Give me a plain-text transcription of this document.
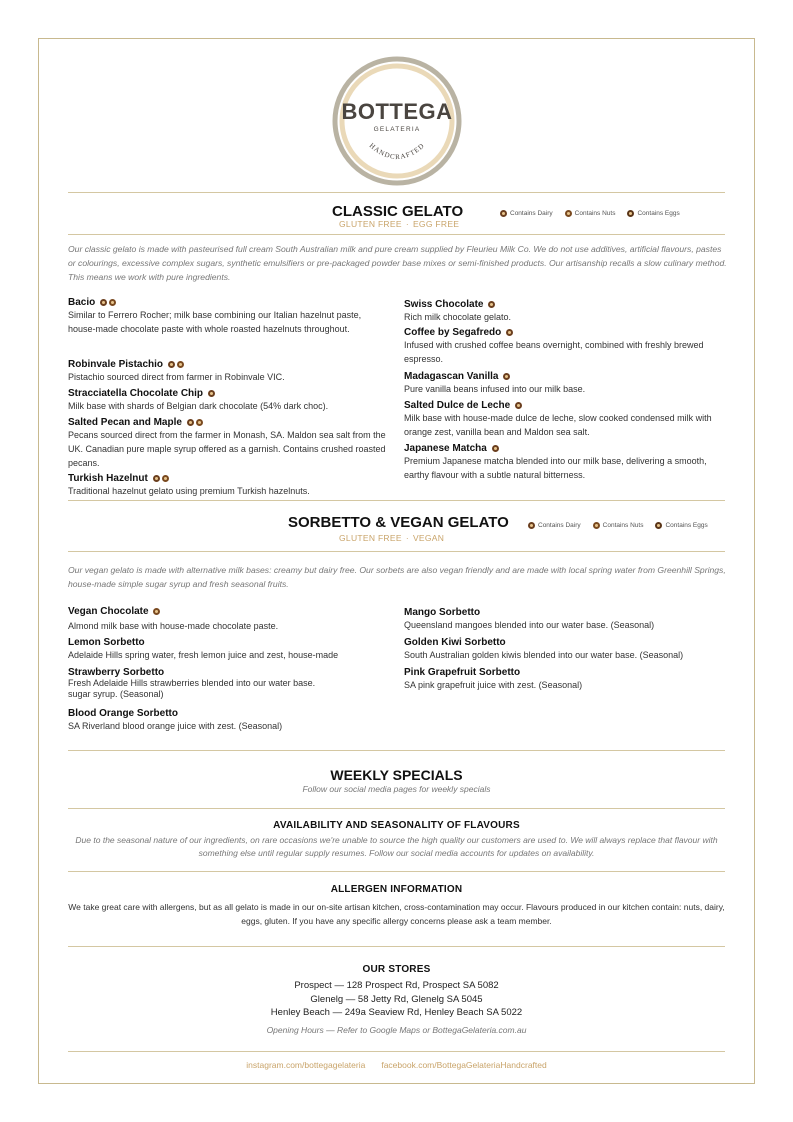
BOTTEGA
GELATERIA
HANDCRAFTED
CLASSIC GELATO
GLUTEN FREE · EGG FREE
Contains Dairy	Contains Nuts	Contains Eggs
Our classic gelato is made with pasteurised full cream South Australian milk and pure cream supplied by Fleurieu Milk Co. We do not use additives, artificial flavours, pastes or colourings, excessive complex sugars, synthetic emulsifiers or pre-packaged powder base mixes or semi-finished products. Our artisanship recalls a slow culinary method. This means we work with pure ingredients.
Bacio
Similar to Ferrero Rocher; milk base combining our Italian hazelnut paste, house-made chocolate paste with whole roasted hazelnuts throughout.
Robinvale Pistachio
Pistachio sourced direct from farmer in Robinvale VIC.
Stracciatella Chocolate Chip
Milk base with shards of Belgian dark chocolate (54% dark choc).
Salted Pecan and Maple
Pecans sourced direct from the farmer in Monash, SA. Maldon sea salt from the UK. Canadian pure maple syrup offered as a garnish. Contains crushed roasted pecans.
Turkish Hazelnut
Traditional hazelnut gelato using premium Turkish hazelnuts.
Swiss Chocolate
Rich milk chocolate gelato.
Coffee by Segafredo
Infused with crushed coffee beans overnight, combined with freshly brewed espresso.
Madagascan Vanilla
Pure vanilla beans infused into our milk base.
Salted Dulce de Leche
Milk base with house-made dulce de leche, slow cooked condensed milk with orange zest, vanilla bean and Maldon sea salt.
Japanese Matcha
Premium Japanese matcha blended into our milk base, delivering a smooth, earthy flavour with a subtle natural bitterness.
SORBETTO & VEGAN GELATO
GLUTEN FREE · VEGAN
Contains Dairy	Contains Nuts	Contains Eggs
Our vegan gelato is made with alternative milk bases: creamy but dairy free. Our sorbets are also vegan friendly and are made with local spring water from Greenhill Springs, house-made simple sugar syrup and fresh seasonal fruits.
Vegan Chocolate
Almond milk base with house-made chocolate paste.
Lemon Sorbetto
Adelaide Hills spring water, fresh lemon juice and zest, house-made
Strawberry Sorbetto
Fresh Adelaide Hills strawberries blended into our water base.
sugar syrup. (Seasonal)
Blood Orange Sorbetto
SA Riverland blood orange juice with zest. (Seasonal)
Mango Sorbetto
Queensland mangoes blended into our water base. (Seasonal)
Golden Kiwi Sorbetto
South Australian golden kiwis blended into our water base. (Seasonal)
Pink Grapefruit Sorbetto
SA pink grapefruit juice with zest. (Seasonal)
WEEKLY SPECIALS
Follow our social media pages for weekly specials
AVAILABILITY AND SEASONALITY OF FLAVOURS
Due to the seasonal nature of our ingredients, on rare occasions we're unable to source the high quality our customers are used to. We will always replace that flavour with something else until regular supply resumes. Follow our social media accounts for updates on availability.
ALLERGEN INFORMATION
We take great care with allergens, but as all gelato is made in our on-site artisan kitchen, cross-contamination may occur. Flavours produced in our kitchen contain: nuts, dairy, eggs, gluten. If you have any specific allergy concerns please ask a team member.
OUR STORES
Prospect — 128 Prospect Rd, Prospect SA 5082
Glenelg — 58 Jetty Rd, Glenelg SA 5045
Henley Beach — 249a Seaview Rd, Henley Beach SA 5022
Opening Hours — Refer to Google Maps or BottegaGelateria.com.au
instagram.com/bottegagelateria facebook.com/BottegaGelateriaHandcrafted
